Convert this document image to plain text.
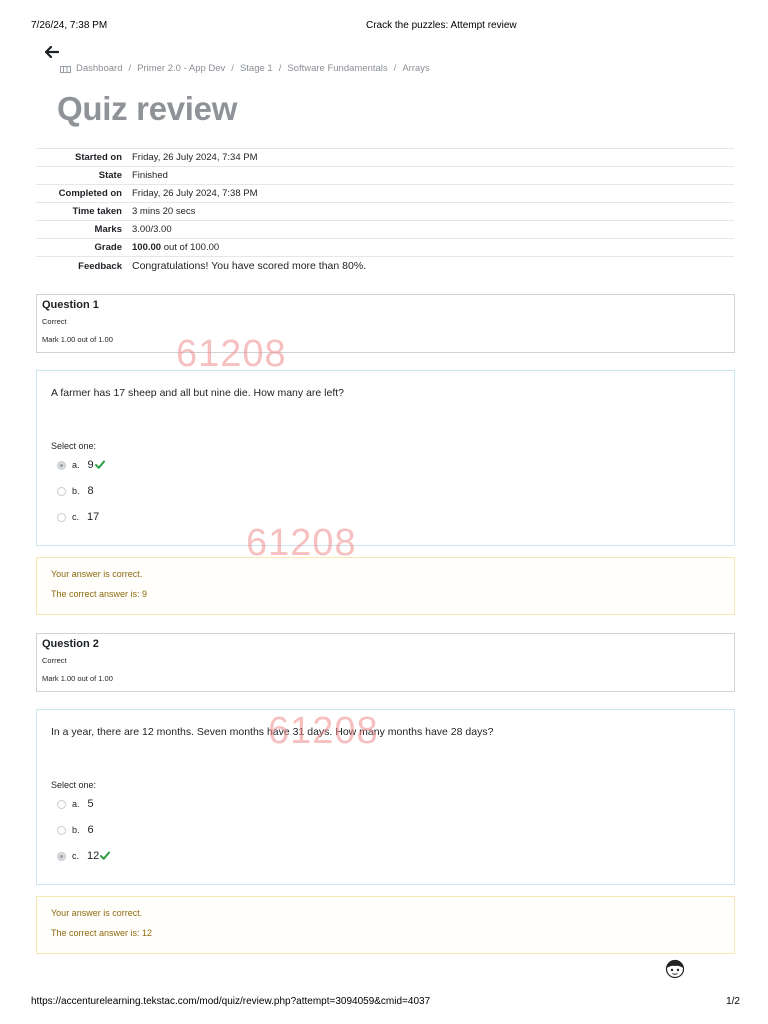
7/26/24, 7:38 PM	Crack the puzzles: Attempt review
Dashboard / Primer 2.0 - App Dev / Stage 1 / Software Fundamentals / Arrays
Quiz review
Started on	Friday, 26 July 2024, 7:34 PM
State	Finished
Completed on	Friday, 26 July 2024, 7:38 PM
Time taken	3 mins 20 secs
Marks	3.00/3.00
Grade	100.00 out of 100.00
Feedback	Congratulations! You have scored more than 80%.
Question 1
Correct
Mark 1.00 out of 1.00
A farmer has 17 sheep and all but nine die. How many are left?
Select one:
a. 9
b. 8
c. 17
Your answer is correct.
The correct answer is: 9
Question 2
Correct
Mark 1.00 out of 1.00
In a year, there are 12 months. Seven months have 31 days. How many months have 28 days?
Select one:
a. 5
b. 6
c. 12
Your answer is correct.
The correct answer is: 12
61208
61208
61208
https://accenturelearning.tekstac.com/mod/quiz/review.php?attempt=3094059&cmid=4037	1/2
